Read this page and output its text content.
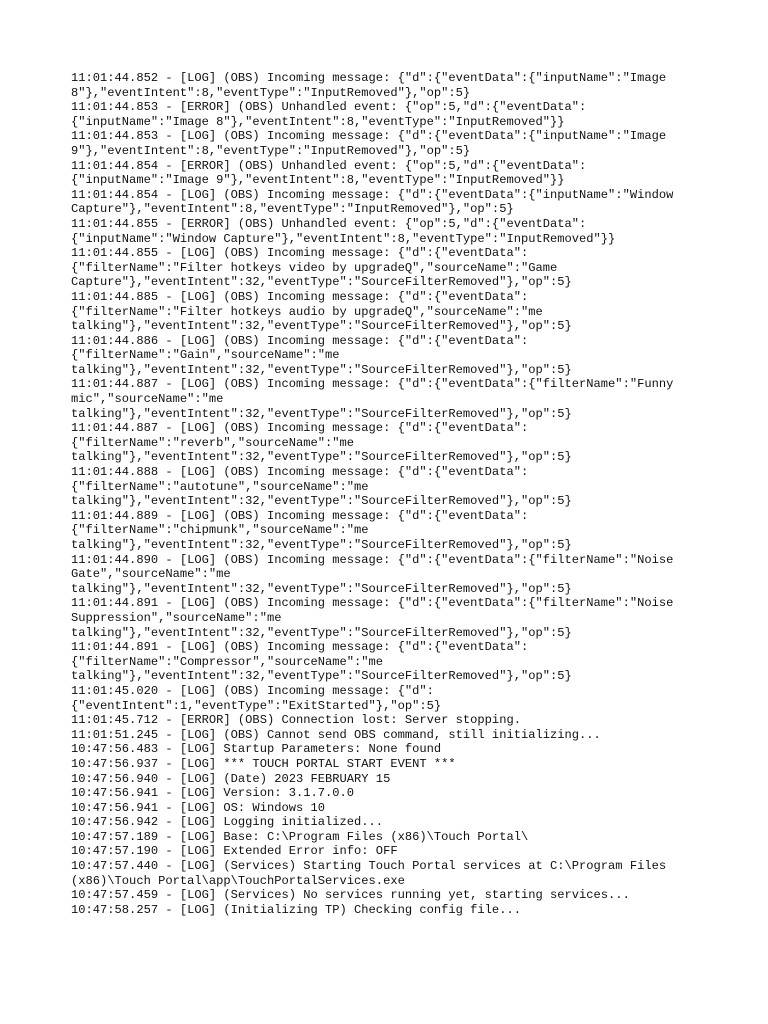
11:01:44.852 - [LOG] (OBS) Incoming message: {"d":{"eventData":{"inputName":"Image

8"},"eventIntent":8,"eventType":"InputRemoved"},"op":5}

11:01:44.853 - [ERROR] (OBS) Unhandled event: {"op":5,"d":{"eventData":

{"inputName":"Image 8"},"eventIntent":8,"eventType":"InputRemoved"}}

11:01:44.853 - [LOG] (OBS) Incoming message: {"d":{"eventData":{"inputName":"Image

9"},"eventIntent":8,"eventType":"InputRemoved"},"op":5}

11:01:44.854 - [ERROR] (OBS) Unhandled event: {"op":5,"d":{"eventData":

{"inputName":"Image 9"},"eventIntent":8,"eventType":"InputRemoved"}}

11:01:44.854 - [LOG] (OBS) Incoming message: {"d":{"eventData":{"inputName":"Window

Capture"},"eventIntent":8,"eventType":"InputRemoved"},"op":5}

11:01:44.855 - [ERROR] (OBS) Unhandled event: {"op":5,"d":{"eventData":

{"inputName":"Window Capture"},"eventIntent":8,"eventType":"InputRemoved"}}

11:01:44.855 - [LOG] (OBS) Incoming message: {"d":{"eventData":

{"filterName":"Filter hotkeys video by upgradeQ","sourceName":"Game

Capture"},"eventIntent":32,"eventType":"SourceFilterRemoved"},"op":5}

11:01:44.885 - [LOG] (OBS) Incoming message: {"d":{"eventData":

{"filterName":"Filter hotkeys audio by upgradeQ","sourceName":"me

talking"},"eventIntent":32,"eventType":"SourceFilterRemoved"},"op":5}

11:01:44.886 - [LOG] (OBS) Incoming message: {"d":{"eventData":

{"filterName":"Gain","sourceName":"me

talking"},"eventIntent":32,"eventType":"SourceFilterRemoved"},"op":5}

11:01:44.887 - [LOG] (OBS) Incoming message: {"d":{"eventData":{"filterName":"Funny

mic","sourceName":"me

talking"},"eventIntent":32,"eventType":"SourceFilterRemoved"},"op":5}

11:01:44.887 - [LOG] (OBS) Incoming message: {"d":{"eventData":

{"filterName":"reverb","sourceName":"me

talking"},"eventIntent":32,"eventType":"SourceFilterRemoved"},"op":5}

11:01:44.888 - [LOG] (OBS) Incoming message: {"d":{"eventData":

{"filterName":"autotune","sourceName":"me

talking"},"eventIntent":32,"eventType":"SourceFilterRemoved"},"op":5}

11:01:44.889 - [LOG] (OBS) Incoming message: {"d":{"eventData":

{"filterName":"chipmunk","sourceName":"me

talking"},"eventIntent":32,"eventType":"SourceFilterRemoved"},"op":5}

11:01:44.890 - [LOG] (OBS) Incoming message: {"d":{"eventData":{"filterName":"Noise

Gate","sourceName":"me

talking"},"eventIntent":32,"eventType":"SourceFilterRemoved"},"op":5}

11:01:44.891 - [LOG] (OBS) Incoming message: {"d":{"eventData":{"filterName":"Noise

Suppression","sourceName":"me

talking"},"eventIntent":32,"eventType":"SourceFilterRemoved"},"op":5}

11:01:44.891 - [LOG] (OBS) Incoming message: {"d":{"eventData":

{"filterName":"Compressor","sourceName":"me

talking"},"eventIntent":32,"eventType":"SourceFilterRemoved"},"op":5}

11:01:45.020 - [LOG] (OBS) Incoming message: {"d":

{"eventIntent":1,"eventType":"ExitStarted"},"op":5}

11:01:45.712 - [ERROR] (OBS) Connection lost: Server stopping.

11:01:51.245 - [LOG] (OBS) Cannot send OBS command, still initializing...

10:47:56.483 - [LOG] Startup Parameters: None found

10:47:56.937 - [LOG] *** TOUCH PORTAL START EVENT ***

10:47:56.940 - [LOG] (Date) 2023 FEBRUARY 15

10:47:56.941 - [LOG] Version: 3.1.7.0.0

10:47:56.941 - [LOG] OS: Windows 10

10:47:56.942 - [LOG] Logging initialized...

10:47:57.189 - [LOG] Base: C:\Program Files (x86)\Touch Portal\

10:47:57.190 - [LOG] Extended Error info: OFF

10:47:57.440 - [LOG] (Services) Starting Touch Portal services at C:\Program Files

(x86)\Touch Portal\app\TouchPortalServices.exe

10:47:57.459 - [LOG] (Services) No services running yet, starting services...

10:47:58.257 - [LOG] (Initializing TP) Checking config file...
